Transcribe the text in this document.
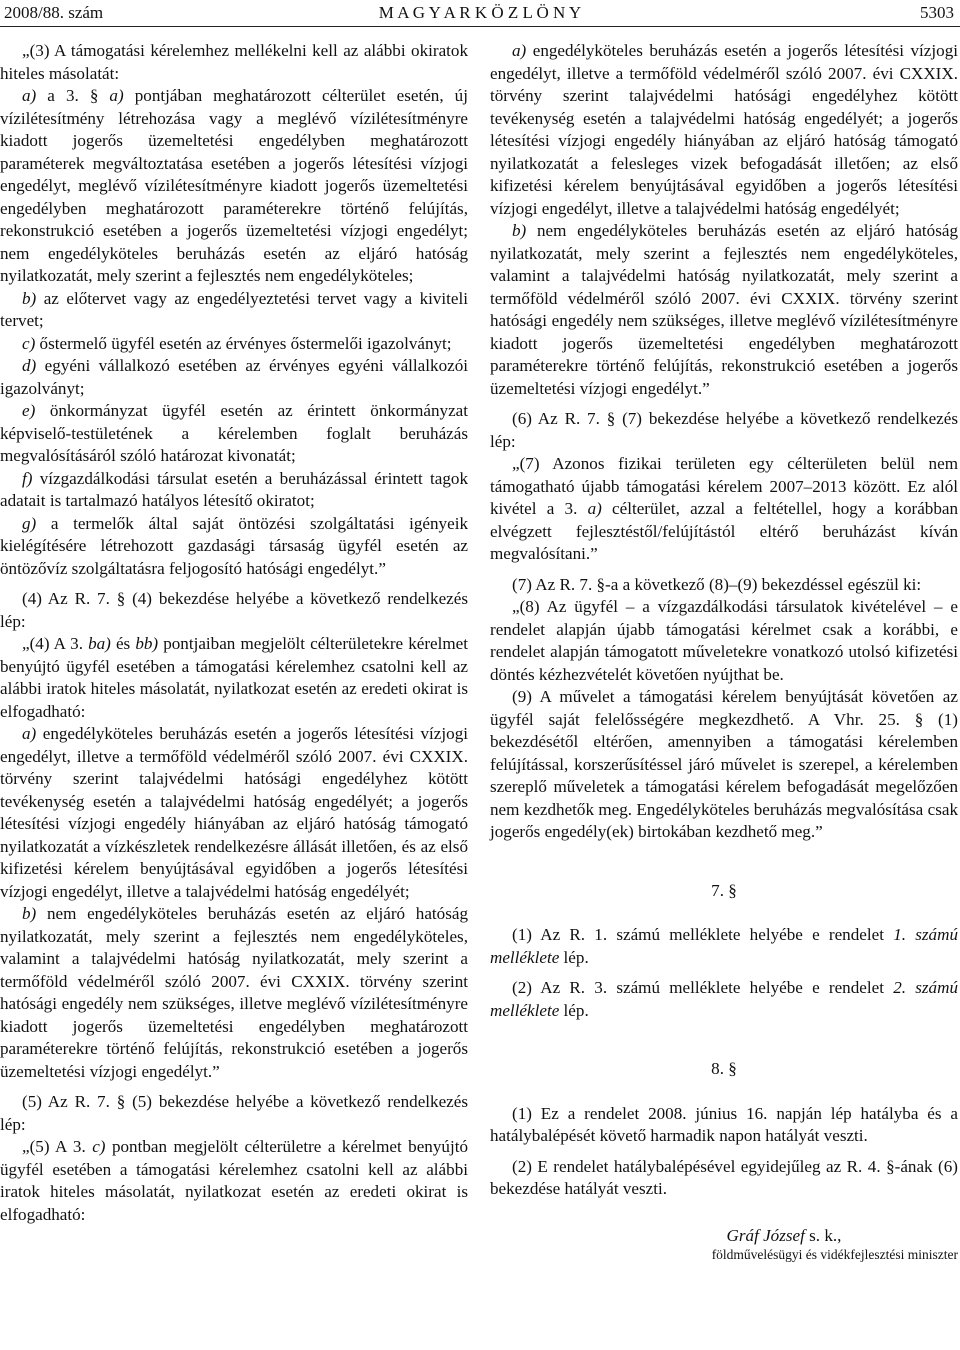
2008/88. szám	M A G Y A R K Ö Z L Ö N Y	5303

„(3) A támogatási kérelemhez mellékelni kell az alábbi okiratok hiteles másolatát:

a) a 3. § a) pontjában meghatározott célterület esetén, új vízilétesítmény létrehozása vagy a meglévő vízilétesítményre kiadott jogerős üzemeltetési engedélyben meghatározott paraméterek megváltoztatása esetében a jogerős létesítési vízjogi engedélyt, meglévő vízilétesítményre kiadott jogerős üzemeltetési engedélyben meghatározott paraméterekre történő felújítás, rekonstrukció esetében a jogerős üzemeltetési vízjogi engedélyt; nem engedélyköteles beruházás esetén az eljáró hatóság nyilatkozatát, mely szerint a fejlesztés nem engedélyköteles;

b) az előtervet vagy az engedélyeztetési tervet vagy a kiviteli tervet;

c) őstermelő ügyfél esetén az érvényes őstermelői igazolványt;

d) egyéni vállalkozó esetében az érvényes egyéni vállalkozói igazolványt;

e) önkormányzat ügyfél esetén az érintett önkormányzat képviselő-testületének a kérelemben foglalt beruházás megvalósításáról szóló határozat kivonatát;

f) vízgazdálkodási társulat esetén a beruházással érintett tagok adatait is tartalmazó hatályos létesítő okiratot;

g) a termelők által saját öntözési szolgáltatási igényeik kielégítésére létrehozott gazdasági társaság ügyfél esetén az öntözővíz szolgáltatásra feljogosító hatósági engedélyt.”

(4) Az R. 7. § (4) bekezdése helyébe a következő rendelkezés lép:

„(4) A 3. ba) és bb) pontjaiban megjelölt célterületekre kérelmet benyújtó ügyfél esetében a támogatási kérelemhez csatolni kell az alábbi iratok hiteles másolatát, nyilatkozat esetén az eredeti okirat is elfogadható:

a) engedélyköteles beruházás esetén a jogerős létesítési vízjogi engedélyt, illetve a termőföld védelméről szóló 2007. évi CXXIX. törvény szerint talajvédelmi hatósági engedélyhez kötött tevékenység esetén a talajvédelmi hatóság engedélyét; a jogerős létesítési vízjogi engedély hiányában az eljáró hatóság támogató nyilatkozatát a vízkészletek rendelkezésre állását illetően, és az első kifizetési kérelem benyújtásával egyidőben a jogerős létesítési vízjogi engedélyt, illetve a talajvédelmi hatóság engedélyét;

b) nem engedélyköteles beruházás esetén az eljáró hatóság nyilatkozatát, mely szerint a fejlesztés nem engedélyköteles, valamint a talajvédelmi hatóság nyilatkozatát, mely szerint a termőföld védelméről szóló 2007. évi CXXIX. törvény szerint hatósági engedély nem szükséges, illetve meglévő vízilétesítményre kiadott jogerős üzemeltetési engedélyben meghatározott paraméterekre történő felújítás, rekonstrukció esetében a jogerős üzemeltetési vízjogi engedélyt.”

(5) Az R. 7. § (5) bekezdése helyébe a következő rendelkezés lép:

„(5) A 3. c) pontban megjelölt célterületre a kérelmet benyújtó ügyfél esetében a támogatási kérelemhez csatolni kell az alábbi iratok hiteles másolatát, nyilatkozat esetén az eredeti okirat is elfogadható:

a) engedélyköteles beruházás esetén a jogerős létesítési vízjogi engedélyt, illetve a termőföld védelméről szóló 2007. évi CXXIX. törvény szerint talajvédelmi hatósági engedélyhez kötött tevékenység esetén a talajvédelmi hatóság engedélyét; a jogerős létesítési vízjogi engedély hiányában az eljáró hatóság támogató nyilatkozatát a felesleges vizek befogadását illetően; az első kifizetési kérelem benyújtásával egyidőben a jogerős létesítési vízjogi engedélyt, illetve a talajvédelmi hatóság engedélyét;

b) nem engedélyköteles beruházás esetén az eljáró hatóság nyilatkozatát, mely szerint a fejlesztés nem engedélyköteles, valamint a talajvédelmi hatóság nyilatkozatát, mely szerint a termőföld védelméről szóló 2007. évi CXXIX. törvény szerint hatósági engedély nem szükséges, illetve meglévő vízilétesítményre kiadott jogerős üzemeltetési engedélyben meghatározott paraméterekre történő felújítás, rekonstrukció esetében a jogerős üzemeltetési vízjogi engedélyt.”

(6) Az R. 7. § (7) bekezdése helyébe a következő rendelkezés lép:

„(7) Azonos fizikai területen egy célterületen belül nem támogatható újabb támogatási kérelem 2007–2013 között. Ez alól kivétel a 3. a) célterület, azzal a feltétellel, hogy a korábban elvégzett fejlesztéstől/felújítástól eltérő beruházást kíván megvalósítani.”

(7) Az R. 7. §-a a következő (8)–(9) bekezdéssel egészül ki:

„(8) Az ügyfél – a vízgazdálkodási társulatok kivételével – e rendelet alapján újabb támogatási kérelmet csak a korábbi, e rendelet alapján támogatott műveletekre vonatkozó utolsó kifizetési döntés kézhezvételét követően nyújthat be.

(9) A művelet a támogatási kérelem benyújtását követően az ügyfél saját felelősségére megkezdhető. A Vhr. 25. § (1) bekezdésétől eltérően, amennyiben a támogatási kérelemben felújítással, korszerűsítéssel járó művelet is szerepel, a kérelemben szereplő műveletek a támogatási kérelem befogadását megelőzően nem kezdhetők meg. Engedélyköteles beruházás megvalósítása csak jogerős engedély(ek) birtokában kezdhető meg.”

7. §

(1) Az R. 1. számú melléklete helyébe e rendelet 1. számú melléklete lép.

(2) Az R. 3. számú melléklete helyébe e rendelet 2. számú melléklete lép.

8. §

(1) Ez a rendelet 2008. június 16. napján lép hatályba és a hatálybalépését követő harmadik napon hatályát veszti.

(2) E rendelet hatálybalépésével egyidejűleg az R. 4. §-ának (6) bekezdése hatályát veszti.

Gráf József s. k.,

földművelésügyi és vidékfejlesztési miniszter
